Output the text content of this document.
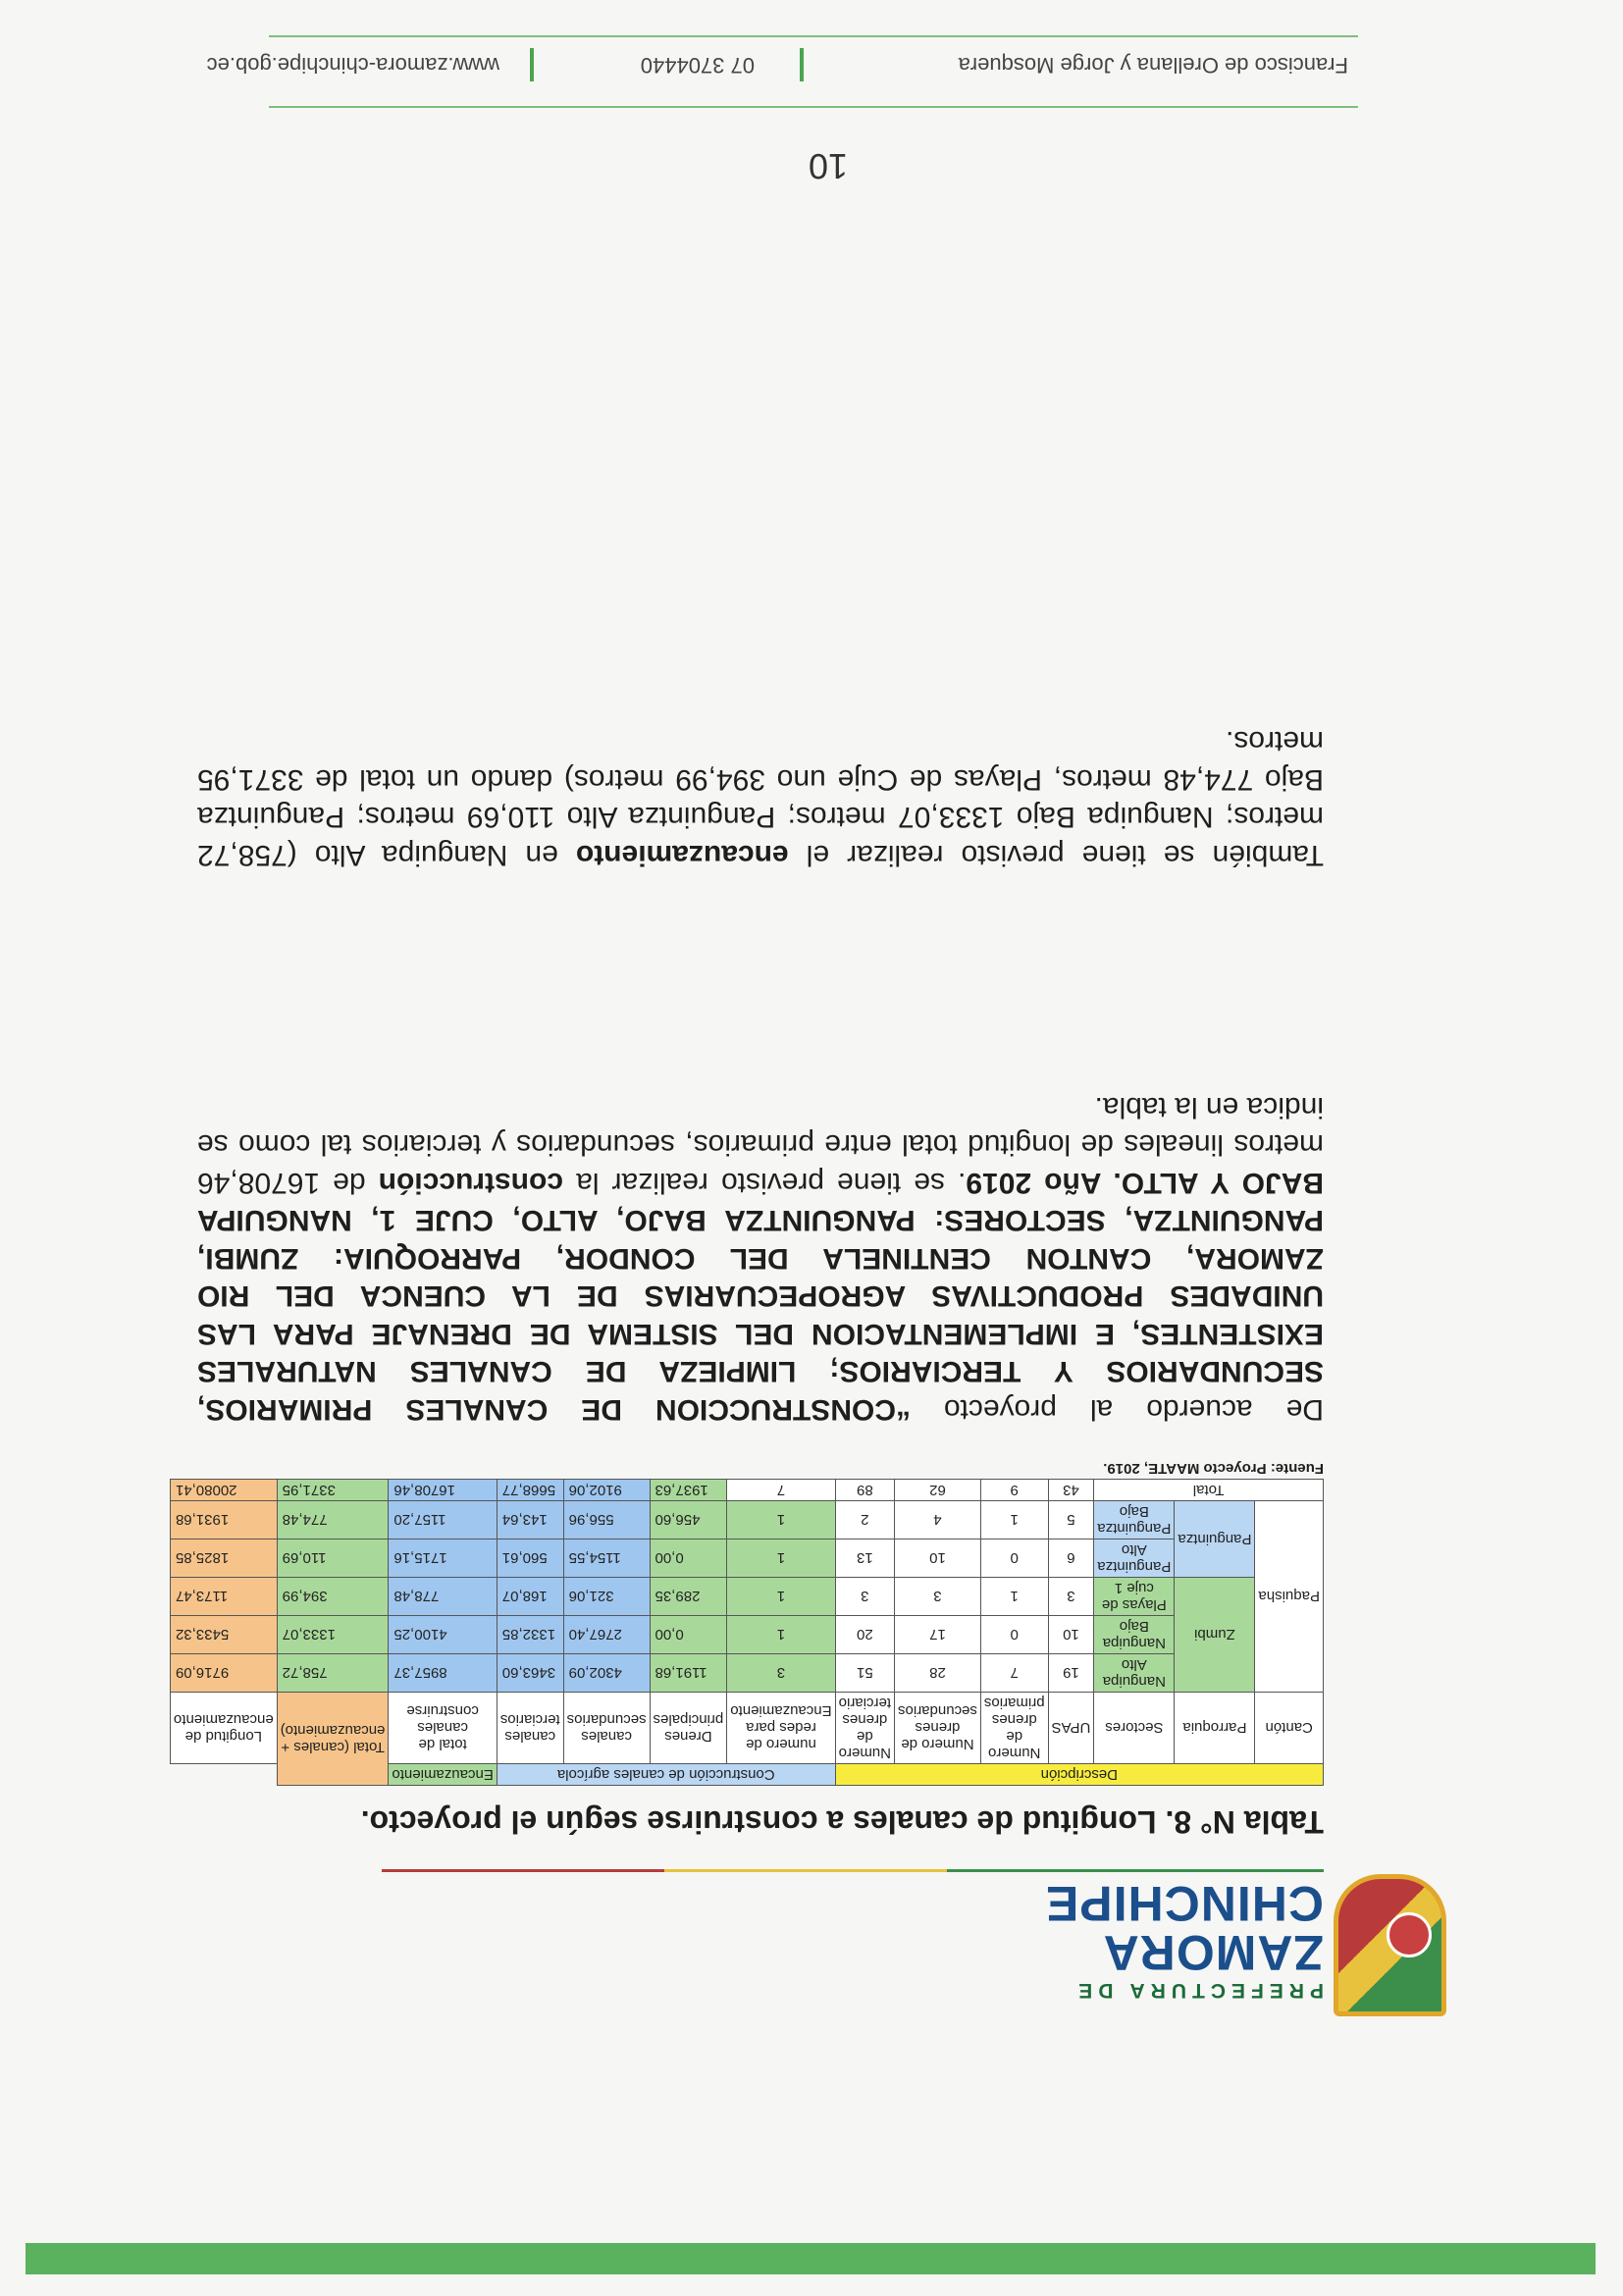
PREFECTURA DE
ZAMORA
CHINCHIPE
Tabla N° 8. Longitud de canales a construirse según el proyecto.
Descripción							Construcción de canales agrícola				Encauzamiento	Total (canales + encauzamiento)	
Cantón	Parroquia	Sectores	UPAS	Numero de drenes primarios	Numero de drenes secundarios	Numero de drenes terciario	numero de redes para Encauzamiento	Drenes principales	canales secundarios	canales terciarios	total de canales construirse		Longitud de encauzamiento
Paquisha	Zumbi	Nanguipa Alto	19	7	28	51	3	1191,68	4302,09	3463,60	8957,37	758,72	9716,09
		Nanguipa Bajo	10	0	17	20	1	0,00	2767,40	1332,85	4100,25	1333,07	5433,32
		Playas de cuje 1	3	1	3	3	1	289,35	321,06	168,07	778,48	394,99	1173,47
	Panguintza	Panguintza Alto	6	0	10	13	1	0,00	1154,55	560,61	1715,16	110,69	1825,85
		Panguintza Bajo	5	1	4	2	1	456,60	556,96	143,64	1157,20	774,48	1931,68
Total			43	9	62	89	7	1937,63	9102,06	5668,77	16708,46	3371,95	20080,41
Fuente: Proyecto MAATE, 2019.
De acuerdo al proyecto “CONSTRUCCION DE CANALES PRIMARIOS, SECUNDARIOS Y TERCIARIOS; LIMPIEZA DE CANALES NATURALES EXISTENTES, E IMPLEMENTACION DEL SISTEMA DE DRENAJE PARA LAS UNIDADES PRODUCTIVAS AGROPECUARIAS DE LA CUENCA DEL RIO ZAMORA, CANTON CENTINELA DEL CONDOR, PARROQUIA: ZUMBI, PANGUINTZA, SECTORES: PANGUINTZA BAJO, ALTO, CUJE 1, NANGUIPA BAJO Y ALTO. Año 2019. se tiene previsto realizar la construcción de 16708,46 metros lineales de longitud total entre primarios, secundarios y terciarios tal como se indica en la tabla.
También se tiene previsto realizar el encauzamiento en Nanguipa Alto (758,72 metros; Nanguipa Bajo 1333,07 metros; Panguintza Alto 110,69 metros; Panguintza Bajo 774,48 metros, Playas de Cuje uno 394,99 metros) dando un total de 3371,95 metros.
10
Francisco de Orellana y Jorge Mosquera
07 3704440
www.zamora-chinchipe.gob.ec
